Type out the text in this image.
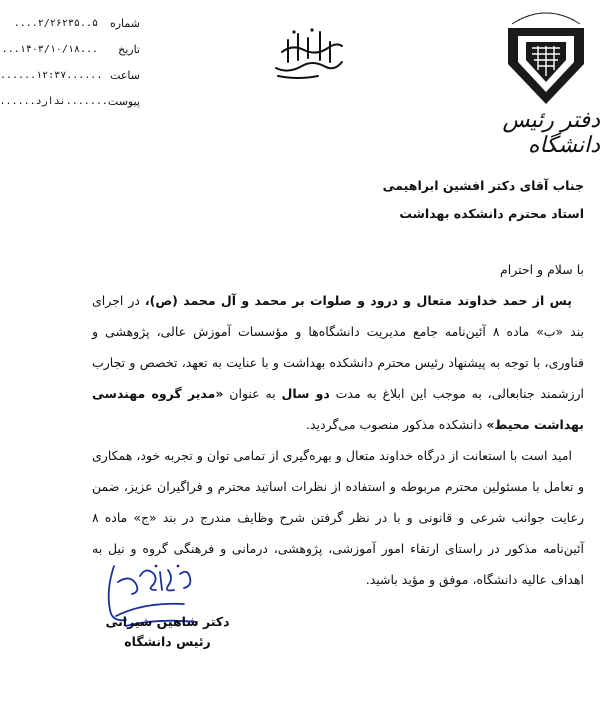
شماره
....۲/۲۶۲۳۵..۵
تاریخ
...۱۴۰۳/۱۰/۱۸...
ساعت
......۱۲:۳۷......
پیوست
......ندارد.......
دفتر رئیس دانشگاه
جناب آقای دکتر افشین ابراهیمی
استاد محترم دانشکده بهداشت

با سلام و احترام

پس از حمد خداوند متعال و درود و صلوات بر محمد و آل محمد (ص)، در اجرای بند «ب» ماده ۸ آئین‌نامه جامع مدیریت دانشگاه‌ها و مؤسسات آموزش عالی، پژوهشی و فناوری، با توجه به پیشنهاد رئیس محترم دانشکده بهداشت و با عنایت به تعهد، تخصص و تجارب ارزشمند جنابعالی، به موجب این ابلاغ به مدت دو سال به عنوان «مدیر گروه مهندسی بهداشت محیط» دانشکده مذکور منصوب می‌گردید.

امید است با استعانت از درگاه خداوند متعال و بهره‌گیری از تمامی توان و تجربه خود، همکاری و تعامل با مسئولین محترم مربوطه و استفاده از نظرات اساتید محترم و فراگیران عزیز، ضمن رعایت جوانب شرعی و قانونی و با در نظر گرفتن شرح وظایف مندرج در بند «ج» ماده ۸ آئین‌نامه مذکور در راستای ارتقاء امور آموزشی، پژوهشی، درمانی و فرهنگی گروه و نیل به اهداف عالیه دانشگاه، موفق و مؤید باشید.

دکتر شاهین شیرانی
رئیس دانشگاه
